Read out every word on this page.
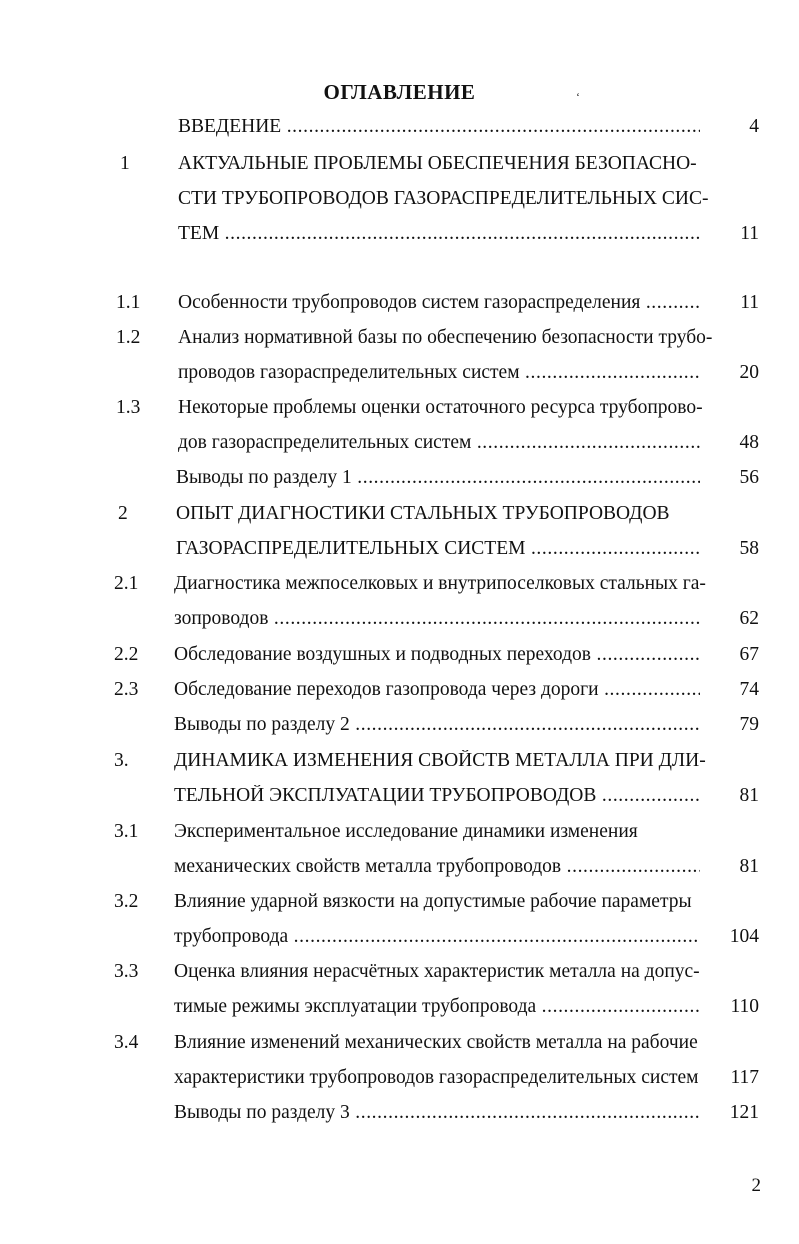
ОГЛАВЛЕНИЕ	‘
ВВЕДЕНИЕ .....	4
1	АКТУАЛЬНЫЕ ПРОБЛЕМЫ ОБЕСПЕЧЕНИЯ БЕЗОПАСНО-
СТИ ТРУБОПРОВОДОВ ГАЗОРАСПРЕДЕЛИТЕЛЬНЫХ СИС-
ТЕМ .....	11
1.1	Особенности трубопроводов систем газораспределения .....	11
1.2	Анализ нормативной базы по обеспечению безопасности трубо-
проводов газораспределительных систем .....	20
1.3	Некоторые проблемы оценки остаточного ресурса трубопрово-
дов газораспределительных систем .....	48
Выводы по разделу 1 .....	56
2	ОПЫТ ДИАГНОСТИКИ СТАЛЬНЫХ ТРУБОПРОВОДОВ
ГАЗОРАСПРЕДЕЛИТЕЛЬНЫХ СИСТЕМ .....	58
2.1	Диагностика межпоселковых и внутрипоселковых стальных га-
зопроводов .....	62
2.2	Обследование воздушных и подводных переходов .....	67
2.3	Обследование переходов газопровода через дороги .....	74
Выводы по разделу 2 .....	79
3.	ДИНАМИКА ИЗМЕНЕНИЯ СВОЙСТВ МЕТАЛЛА ПРИ ДЛИ-
ТЕЛЬНОЙ ЭКСПЛУАТАЦИИ ТРУБОПРОВОДОВ .....	81
3.1	Экспериментальное исследование динамики изменения
механических свойств металла трубопроводов .....	81
3.2	Влияние ударной вязкости на допустимые рабочие параметры
трубопровода .....	104
3.3	Оценка влияния нерасчётных характеристик металла на допус-
тимые режимы эксплуатации трубопровода .....	110
3.4	Влияние изменений механических свойств металла на рабочие
характеристики трубопроводов газораспределительных систем .....	117
Выводы по разделу 3 .....	121
2
